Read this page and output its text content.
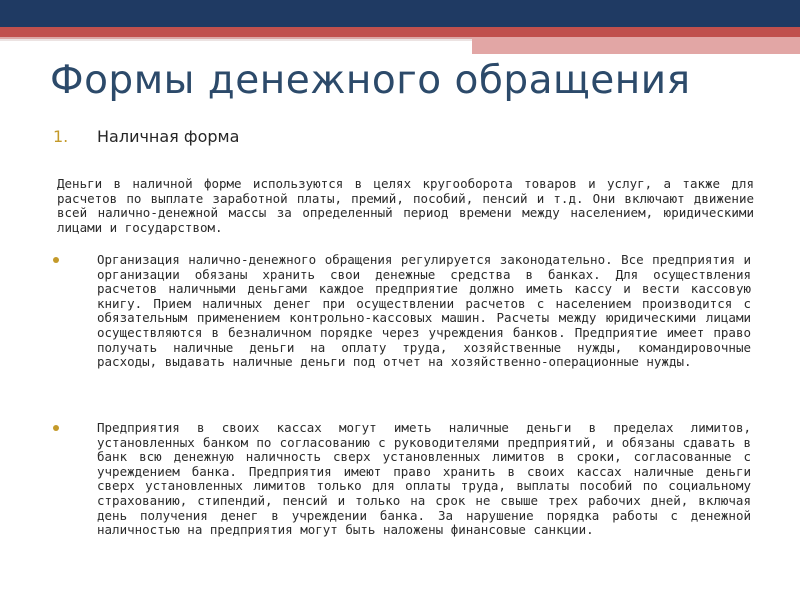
Формы денежного обращения
1. Наличная форма

Деньги в наличной форме используются в целях кругооборота товаров и услуг, а также для расчетов по выплате заработной платы, премий, пособий, пенсий и т.д. Они включают движение всей налично-денежной массы за определенный период времени между населением, юридическими лицами и государством.

Организация налично-денежного обращения регулируется законодательно. Все предприятия и организации обязаны хранить свои денежные средства в банках. Для осуществления расчетов наличными деньгами каждое предприятие должно иметь кассу и вести кассовую книгу. Прием наличных денег при осуществлении расчетов с населением производится с обязательным применением контрольно-кассовых машин. Расчеты между юридическими лицами осуществляются в безналичном порядке через учреждения банков. Предприятие имеет право получать наличные деньги на оплату труда, хозяйственные нужды, командировочные расходы, выдавать наличные деньги под отчет на хозяйственно-операционные нужды.

Предприятия в своих кассах могут иметь наличные деньги в пределах лимитов, установленных банком по согласованию с руководителями предприятий, и обязаны сдавать в банк всю денежную наличность сверх установленных лимитов в сроки, согласованные с учреждением банка. Предприятия имеют право хранить в своих кассах наличные деньги сверх установленных лимитов только для оплаты труда, выплаты пособий по социальному страхованию, стипендий, пенсий и только на срок не свыше трех рабочих дней, включая день получения денег в учреждении банка. За нарушение порядка работы с денежной наличностью на предприятия могут быть наложены финансовые санкции.
